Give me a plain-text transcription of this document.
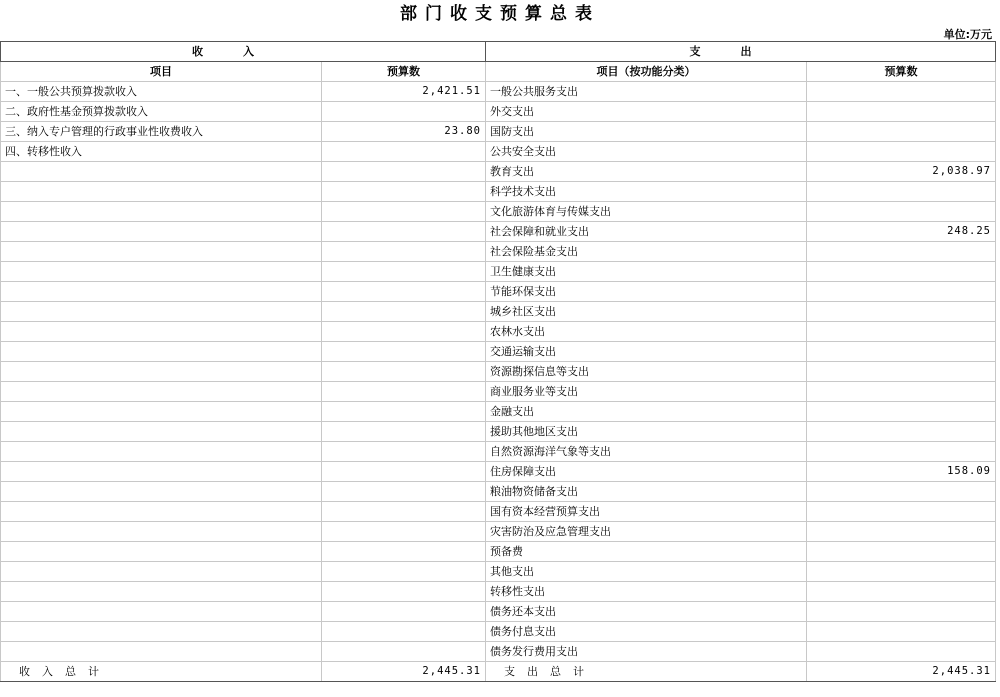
部门收支预算总表
单位:万元
收入		支出	
项目	预算数	项目（按功能分类）	预算数
一、一般公共预算拨款收入	2,421.51	一般公共服务支出	
二、政府性基金预算拨款收入		外交支出	
三、纳入专户管理的行政事业性收费收入	23.80	国防支出	
四、转移性收入		公共安全支出	
		教育支出	2,038.97
		科学技术支出	
		文化旅游体育与传媒支出	
		社会保障和就业支出	248.25
		社会保险基金支出	
		卫生健康支出	
		节能环保支出	
		城乡社区支出	
		农林水支出	
		交通运输支出	
		资源勘探信息等支出	
		商业服务业等支出	
		金融支出	
		援助其他地区支出	
		自然资源海洋气象等支出	
		住房保障支出	158.09
		粮油物资储备支出	
		国有资本经营预算支出	
		灾害防治及应急管理支出	
		预备费	
		其他支出	
		转移性支出	
		债务还本支出	
		债务付息支出	
		债务发行费用支出	
收入总计	2,445.31	支出总计	2,445.31
